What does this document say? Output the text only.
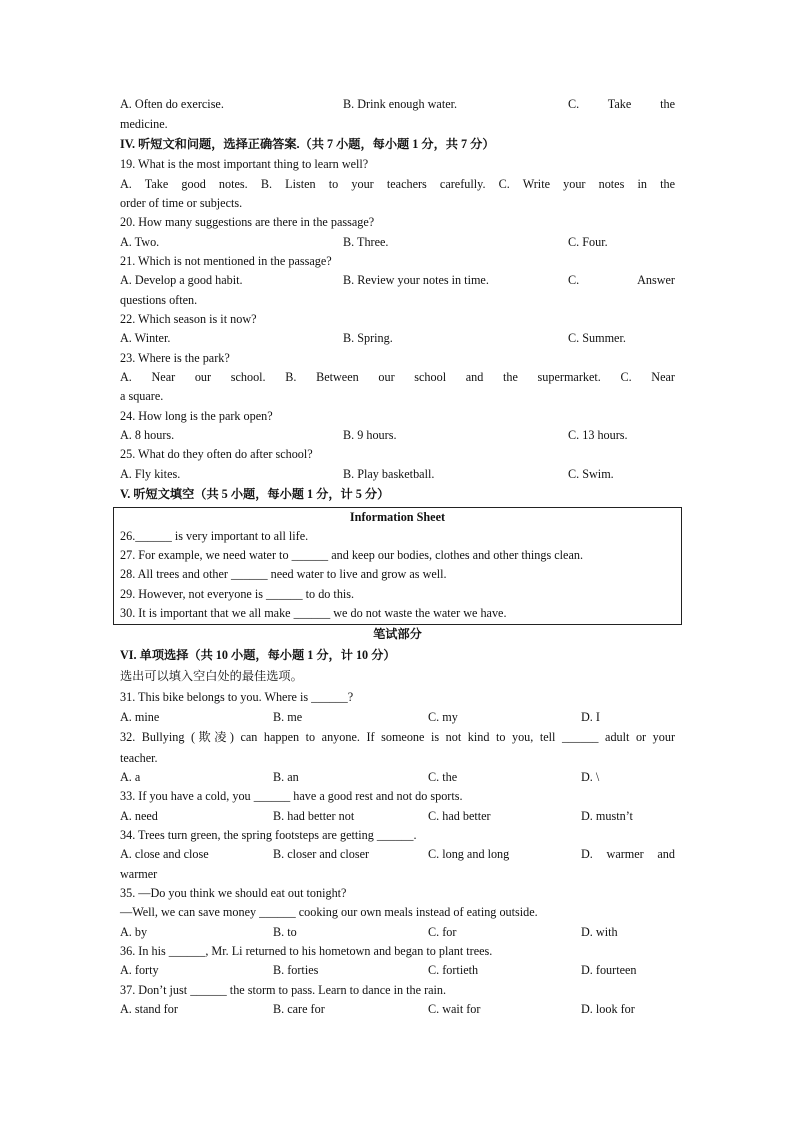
A. Often do exercise.	B. Drink enough water.	C. Take the
medicine.
IV. 听短文和问题，选择正确答案.（共 7 小题，每小题 1 分，共 7 分）
19. What is the most important thing to learn well?
A. Take good notes. B. Listen to your teachers carefully. C. Write your notes in the
order of time or subjects.
20. How many suggestions are there in the passage?
A. Two.	B. Three.	C. Four.
21. Which is not mentioned in the passage?
A. Develop a good habit.	B. Review your notes in time.	C. Answer
questions often.
22. Which season is it now?
A. Winter.	B. Spring.	C. Summer.
23. Where is the park?
A. Near our school. B. Between our school and the supermarket. C. Near
a square.
24. How long is the park open?
A. 8 hours.	B. 9 hours.	C. 13 hours.
25. What do they often do after school?
A. Fly kites.	B. Play basketball.	C. Swim.
V. 听短文填空（共 5 小题，每小题 1 分，计 5 分）
Information Sheet
26.______ is very important to all life.
27. For example, we need water to ______ and keep our bodies, clothes and other things clean.
28. All trees and other ______ need water to live and grow as well.
29. However, not everyone is ______ to do this.
30. It is important that we all make ______ we do not waste the water we have.
笔试部分
VI. 单项选择（共 10 小题，每小题 1 分，计 10 分）
选出可以填入空白处的最佳选项。
31. This bike belongs to you. Where is ______?
A. mine	B. me	C. my	D. I
32. Bullying (欺凌) can happen to anyone. If someone is not kind to you, tell ______ adult or your
teacher.
A. a	B. an	C. the	D. \
33. If you have a cold, you ______ have a good rest and not do sports.
A. need	B. had better not	C. had better	D. mustn’t
34. Trees turn green, the spring footsteps are getting ______.
A. close and close	B. closer and closer	C. long and long	D. warmer and
warmer
35. —Do you think we should eat out tonight?
—Well, we can save money ______ cooking our own meals instead of eating outside.
A. by	B. to	C. for	D. with
36. In his ______, Mr. Li returned to his hometown and began to plant trees.
A. forty	B. forties	C. fortieth	D. fourteen
37. Don’t just ______ the storm to pass. Learn to dance in the rain.
A. stand for	B. care for	C. wait for	D. look for
